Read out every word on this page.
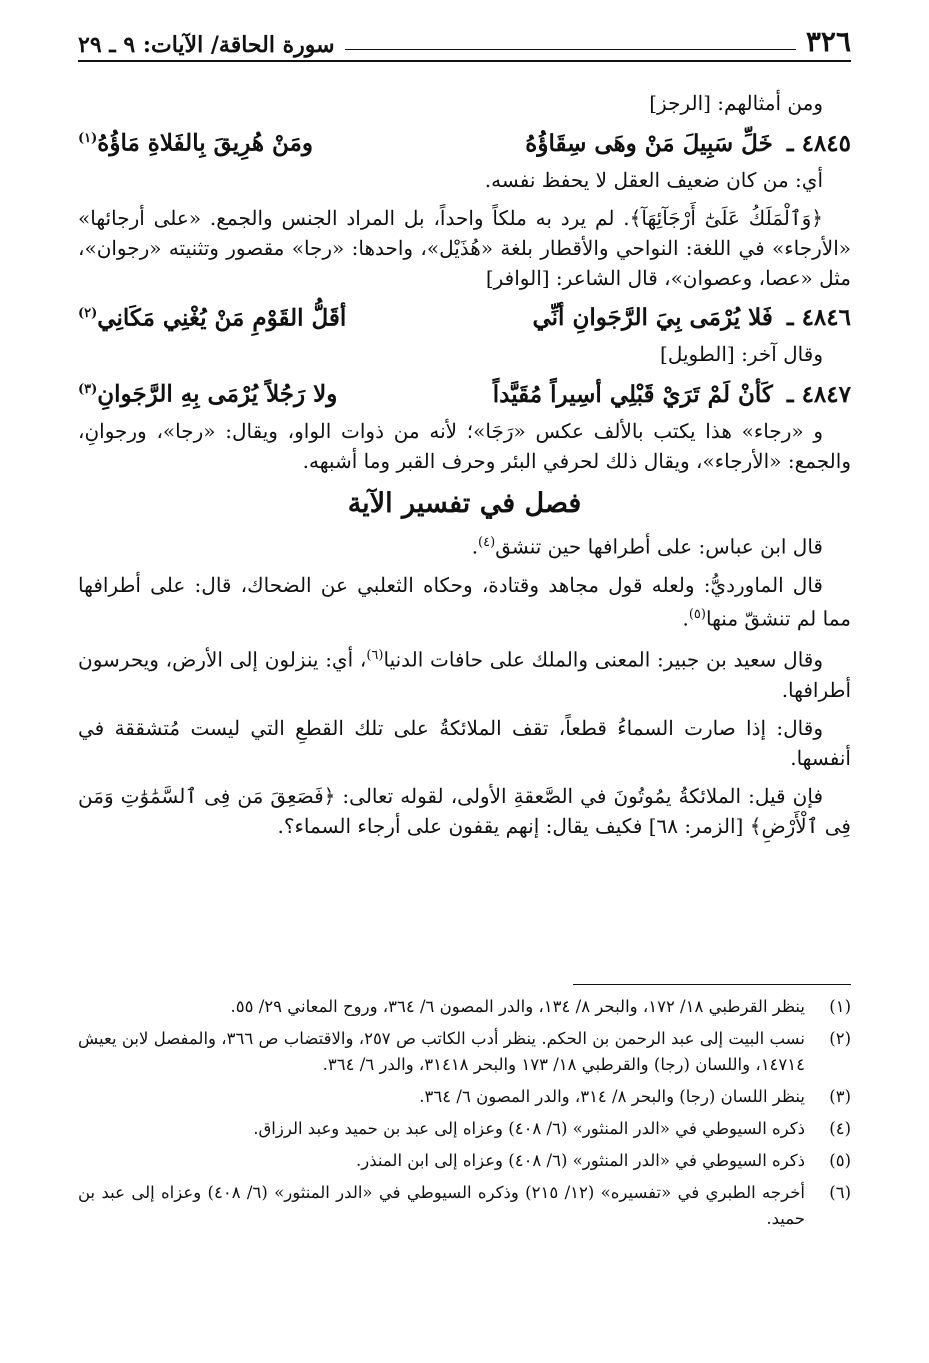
٣٢٦
سورة الحاقة/ الآيات: ٩ ـ ٢٩

ومن أمثالهم: [الرجز]

٤٨٤٥ ـ
خَلِّ سَبِيلَ مَنْ وهَى سِقَاؤُهُ
ومَنْ هُرِيقَ بِالفَلاةِ مَاؤُهُ$^{(١)}$

أي: من كان ضعيف العقل لا يحفظ نفسه.

﴿وَٱلْمَلَكُ عَلَىٰٓ أَرْجَآئِهَآ﴾. لم يرد به ملكاً واحداً، بل المراد الجنس والجمع. «على أرجائها» «الأرجاء» في اللغة: النواحي والأقطار بلغة «هُذَيْل»، واحدها: «رجا» مقصور وتثنيته «رجوان»، مثل «عصا، وعصوان»، قال الشاعر: [الوافر]

٤٨٤٦ ـ
فَلا يُرْمَى بِيَ الرَّجَوانِ أنِّي
أقَلُّ القَوْمِ مَنْ يُغْنِي مَكَانِي$^{(٢)}$

وقال آخر: [الطويل]

٤٨٤٧ ـ
كَأنْ لَمْ تَرَيْ قَبْلِي أسِيراً مُقَيَّداً
ولا رَجُلاً يُرْمَى بِهِ الرَّجَوانِ$^{(٣)}$

و «رجاء» هذا يكتب بالألف عكس «رَجَا»؛ لأنه من ذوات الواو، ويقال: «رجا»، ورجوانِ، والجمع: «الأرجاء»، ويقال ذلك لحرفي البئر وحرف القبر وما أشبهه.

فصل في تفسير الآية

قال ابن عباس: على أطرافها حين تنشق$^{(٤)}$.

قال الماورديُّ: ولعله قول مجاهد وقتادة، وحكاه الثعلبي عن الضحاك، قال: على أطرافها مما لم تنشقّ منها$^{(٥)}$.

وقال سعيد بن جبير: المعنى والملك على حافات الدنيا$^{(٦)}$، أي: ينزلون إلى الأرض، ويحرسون أطرافها.

وقال: إذا صارت السماءُ قطعاً، تقف الملائكةُ على تلك القطعِ التي ليست مُتشققة في أنفسها.

فإن قيل: الملائكةُ يمُوتُونَ في الصَّعقةِ الأولى، لقوله تعالى: ﴿فَصَعِقَ مَن فِى ٱلسَّمَٰوَٰتِ وَمَن فِى ٱلْأَرْضِ﴾ [الزمر: ٦٨] فكيف يقال: إنهم يقفون على أرجاء السماء؟.

(١)
ينظر القرطبي ١٨/ ١٧٢، والبحر ٨/ ١٣٤، والدر المصون ٦/ ٣٦٤، وروح المعاني ٢٩/ ٥٥.
(٢)
نسب البيت إلى عبد الرحمن بن الحكم. ينظر أدب الكاتب ص ٢٥٧، والاقتضاب ص ٣٦٦، والمفصل لابن يعيش ١٤٧١٤، واللسان (رجا) والقرطبي ١٨/ ١٧٣ والبحر ٣١٤١٨، والدر ٦/ ٣٦٤.
(٣)
ينظر اللسان (رجا) والبحر ٨/ ٣١٤، والدر المصون ٦/ ٣٦٤.
(٤)
ذكره السيوطي في «الدر المنثور» (٦/ ٤٠٨) وعزاه إلى عبد بن حميد وعبد الرزاق.
(٥)
ذكره السيوطي في «الدر المنثور» (٦/ ٤٠٨) وعزاه إلى ابن المنذر.
(٦)
أخرجه الطبري في «تفسيره» (١٢/ ٢١٥) وذكره السيوطي في «الدر المنثور» (٦/ ٤٠٨) وعزاه إلى عبد بن حميد.
